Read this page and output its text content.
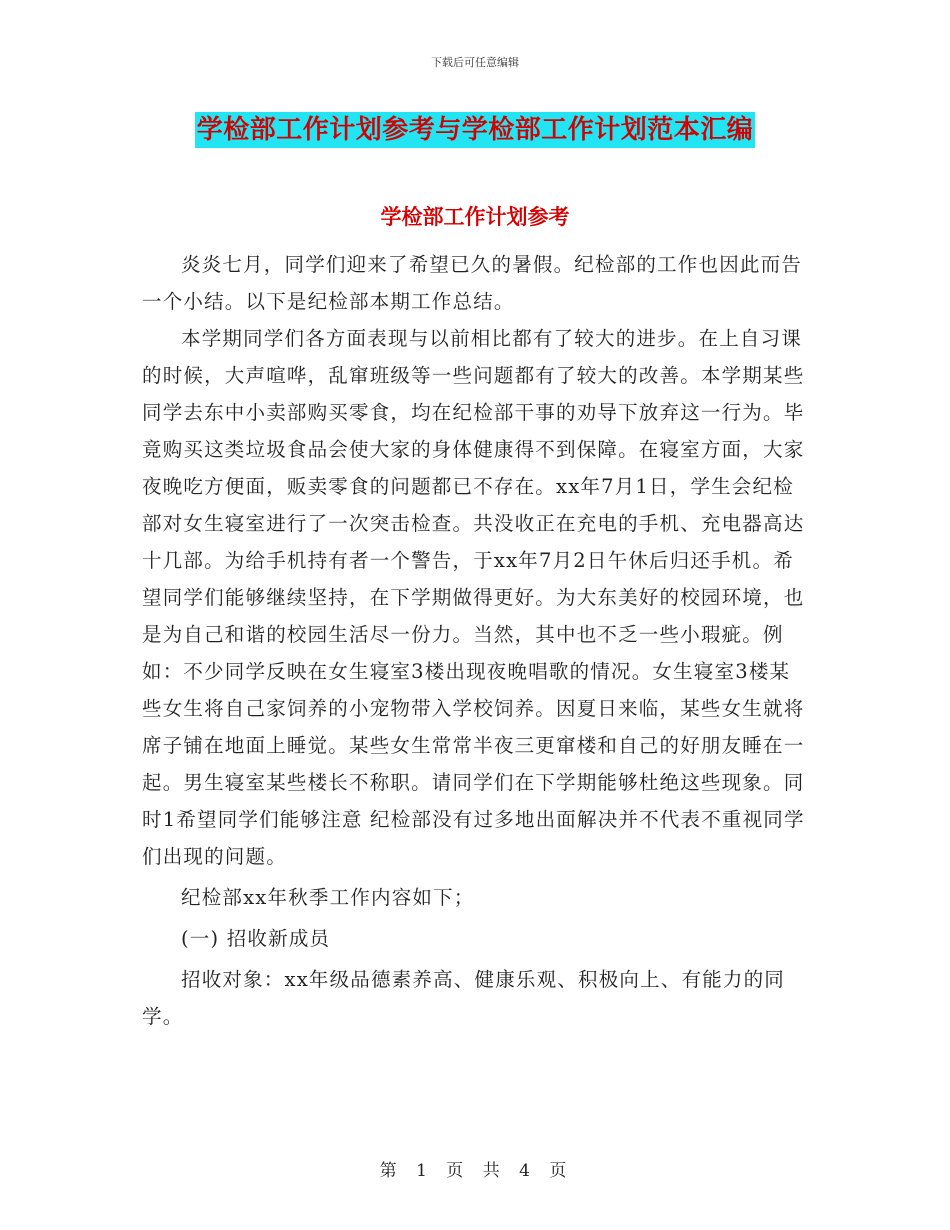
下载后可任意编辑
学检部工作计划参考与学检部工作计划范本汇编
学检部工作计划参考

炎炎七月，同学们迎来了希望已久的暑假。纪检部的工作也因此而告一个小结。以下是纪检部本期工作总结。

本学期同学们各方面表现与以前相比都有了较大的进步。在上自习课的时候，大声喧哗，乱窜班级等一些问题都有了较大的改善。本学期某些同学去东中小卖部购买零食，均在纪检部干事的劝导下放弃这一行为。毕竟购买这类垃圾食品会使大家的身体健康得不到保障。在寝室方面，大家夜晚吃方便面，贩卖零食的问题都已不存在。xx年7月1日，学生会纪检部对女生寝室进行了一次突击检查。共没收正在充电的手机、充电器高达十几部。为给手机持有者一个警告，于xx年7月2日午休后归还手机。希望同学们能够继续坚持，在下学期做得更好。为大东美好的校园环境，也是为自己和谐的校园生活尽一份力。当然，其中也不乏一些小瑕疵。例如：不少同学反映在女生寝室3楼出现夜晚唱歌的情况。女生寝室3楼某些女生将自己家饲养的小宠物带入学校饲养。因夏日来临，某些女生就将席子铺在地面上睡觉。某些女生常常半夜三更窜楼和自己的好朋友睡在一起。男生寝室某些楼长不称职。请同学们在下学期能够杜绝这些现象。同时1希望同学们能够注意 纪检部没有过多地出面解决并不代表不重视同学们出现的问题。

纪检部xx年秋季工作内容如下；

(一) 招收新成员

招收对象：xx年级品德素养高、健康乐观、积极向上、有能力的同学。

第 1 页 共 4 页
